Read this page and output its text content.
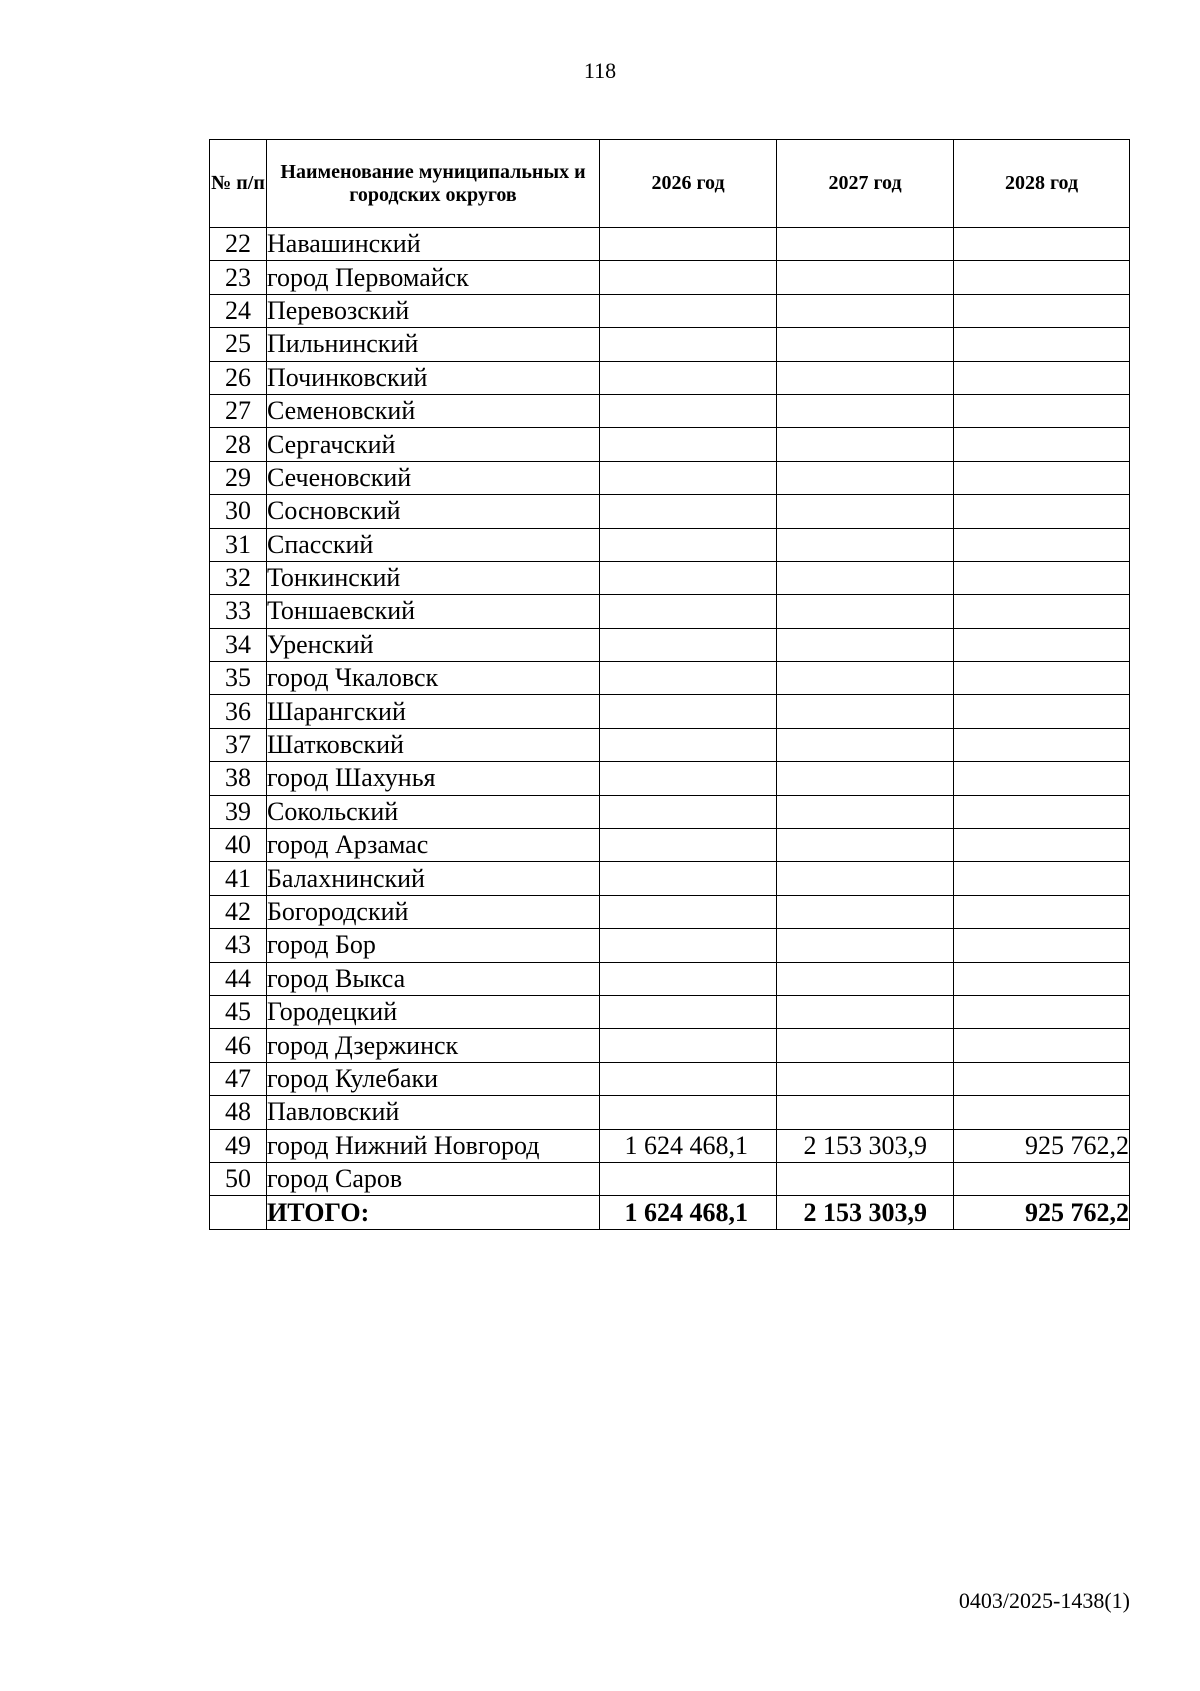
118
№ п/п	Наименование муниципальных и городских округов	2026 год	2027 год	2028 год
22	Навашинский			
23	город Первомайск			
24	Перевозский			
25	Пильнинский			
26	Починковский			
27	Семеновский			
28	Сергачский			
29	Сеченовский			
30	Сосновский			
31	Спасский			
32	Тонкинский			
33	Тоншаевский			
34	Уренский			
35	город Чкаловск			
36	Шарангский			
37	Шатковский			
38	город Шахунья			
39	Сокольский			
40	город Арзамас			
41	Балахнинский			
42	Богородский			
43	город Бор			
44	город Выкса			
45	Городецкий			
46	город Дзержинск			
47	город Кулебаки			
48	Павловский			
49	город Нижний Новгород	1 624 468,1	2 153 303,9	925 762,2
50	город Саров			
	ИТОГО:	1 624 468,1	2 153 303,9	925 762,2
0403/2025-1438(1)
